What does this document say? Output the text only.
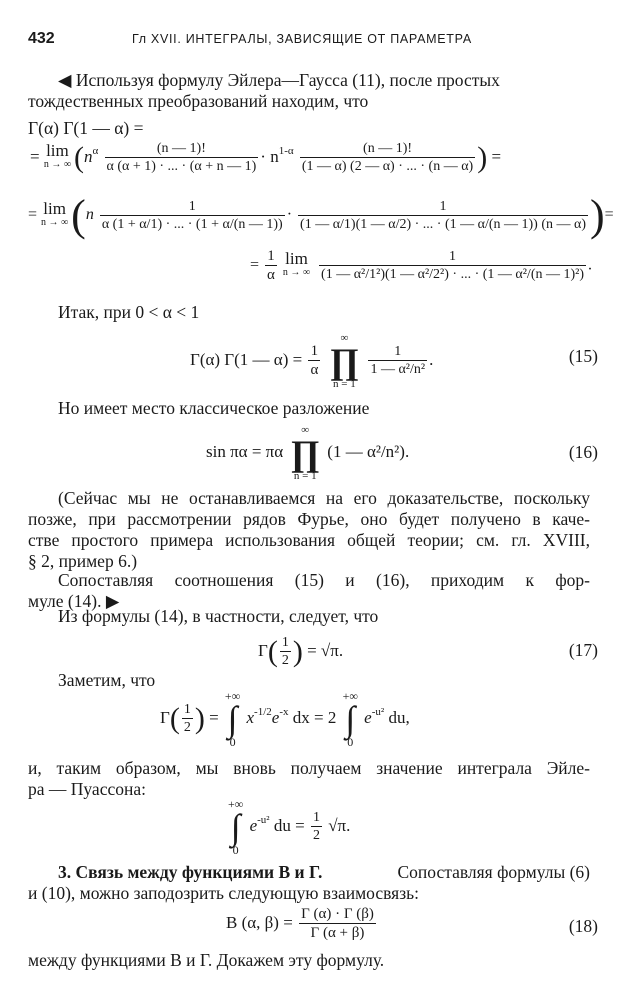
432	Гл XVII. ИНТЕГРАЛЫ, ЗАВИСЯЩИЕ ОТ ПАРАМЕТРА
◀ Используя формулу Эйлера—Гаусса (11), после простых
тождественных преобразований находим, что
Γ(α) Γ(1 — α) =
= lim
n → ∞ ($n^\alpha \frac{(n — 1)!}{\alpha (\alpha + 1) \cdot ... \cdot (\alpha + n — 1)} \cdot n^{1-\alpha} \frac{(n — 1)!}{(1 — \alpha) (2 — \alpha) \cdot ... \cdot (n — \alpha)}$ ) =
= lim
n → ∞ ($n \frac{1}{\alpha (1 + \alpha/1) \cdot ... \cdot (1 + \alpha/(n — 1))} \cdot \frac{1}{(1 — \alpha/1)(1 — \alpha/2) \cdot ... \cdot (1 — \alpha/(n — 1)) (n — \alpha)}$ )=
= $\frac{1}{\alpha}$
lim
n → ∞
$\frac{1}{\text{(1 — α²/1²)(1 — α²/2²) · ... · (1 — α²/(n — 1)²)}}$ .
Итак, при 0 < α < 1
Γ(α) Γ(1 — $\alpha) = \frac{1}{\alpha}$

∞
∏
n = 1

$\frac{1}{\text{1 — α²/n²}}$ .	(15)
Но имеет место классическое разложение
sin πα = πα
∞
∏
n = 1
(1 — α²/n²).	(16)
(Сейчас мы не останавливаемся на его доказательстве, поскольку
позже, при рассмотрении рядов Фурье, оно будет получено в каче-
стве простого примера использования общей теории; см. гл. XVIII,
§ 2, пример 6.)
Сопоставляя соотношения (15) и (16), приходим к фор-
муле (14). ▶
Из формулы (14), в частности, следует, что
$\Gamma( \frac{1}{2}$ ) = √π.	(17)
Заметим, что
$\Gamma( \frac{1}{2}$ ) =
+∞
∫
0
$x^{-1/2}e^{-x}$ dx = 2
+∞
∫
0
$e^{-u^2}$ du,
и, таким образом, мы вновь получаем значение интеграла Эйле-
ра — Пуассона:
+∞
∫
0
$e^{-u^2}$ du = $\frac{1}{2} √\pi$.
3. Связь между функциями B и Γ.	Сопоставляя формулы (6)
и (10), можно заподозрить следующую взаимосвязь:
B (α, $\beta) = \frac{\Gamma (\alpha) \cdot \Gamma (\beta)}{\Gamma (\alpha + \beta)}$	(18)
между функциями B и Γ. Докажем эту формулу.
